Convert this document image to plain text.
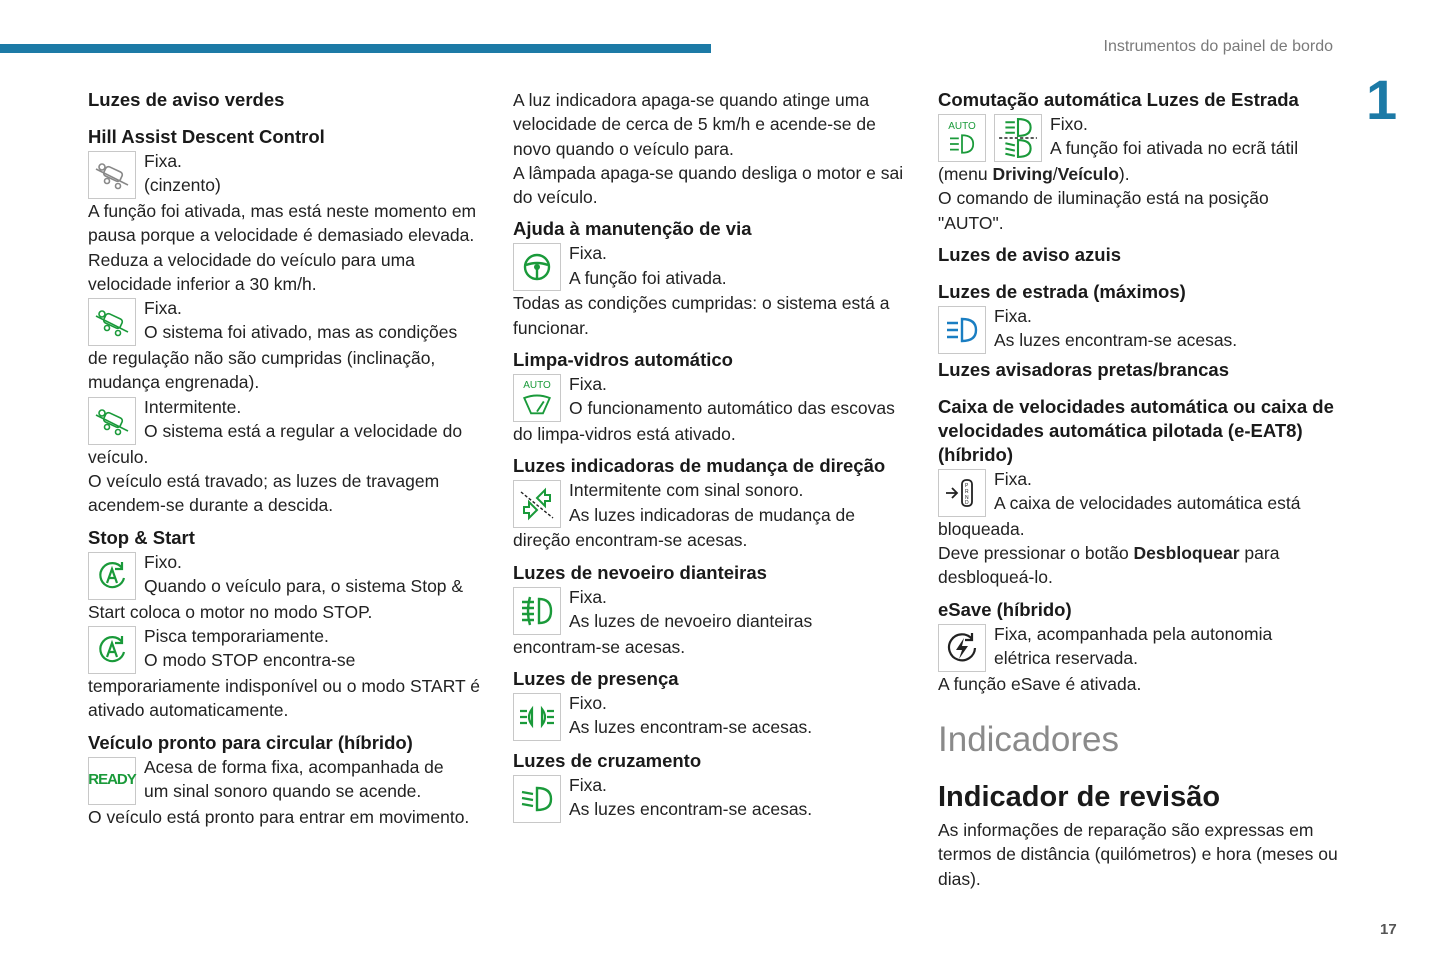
Instrumentos do painel de bordo
1
17
Luzes de aviso verdes
Hill Assist Descent Control
Fixa.
(cinzento)

A função foi ativada, mas está neste momento em pausa porque a velocidade é demasiado elevada.

Reduza a velocidade do veículo para uma velocidade inferior a 30 km/h.

Fixa.
O sistema foi ativado, mas as condições

de regulação não são cumpridas (inclinação, mudança engrenada).

Intermitente.
O sistema está a regular a velocidade do

veículo.

O veículo está travado; as luzes de travagem acendem-se durante a descida.

Stop & Start
Fixo.
Quando o veículo para, o sistema Stop &

Start coloca o motor no modo STOP.

Pisca temporariamente.
O modo STOP encontra-se

temporariamente indisponível ou o modo START é ativado automaticamente.

Veículo pronto para circular (híbrido)
READY
Acesa de forma fixa, acompanhada de
um sinal sonoro quando se acende.

O veículo está pronto para entrar em movimento.

A luz indicadora apaga-se quando atinge uma velocidade de cerca de 5 km/h e acende-se de novo quando o veículo para.

A lâmpada apaga-se quando desliga o motor e sai do veículo.

Ajuda à manutenção de via
Fixa.
A função foi ativada.

Todas as condições cumpridas: o sistema está a funcionar.

Limpa-vidros automático
AUTO	Fixa.
O funcionamento automático das escovas

do limpa-vidros está ativado.

Luzes indicadoras de mudança de direção
Intermitente com sinal sonoro.
As luzes indicadoras de mudança de

direção encontram-se acesas.

Luzes de nevoeiro dianteiras
Fixa.
As luzes de nevoeiro dianteiras

encontram-se acesas.

Luzes de presença
Fixo.
As luzes encontram-se acesas.
Luzes de cruzamento
Fixa.
As luzes encontram-se acesas.
Comutação automática Luzes de Estrada
AUTO	Fixo.
A função foi ativada no ecrã tátil

(menu Driving/Veículo).

O comando de iluminação está na posição "AUTO".

Luzes de aviso azuis
Luzes de estrada (máximos)
Fixa.
As luzes encontram-se acesas.
Luzes avisadoras pretas/brancas
Caixa de velocidades automática ou caixa de velocidades automática pilotada (e-EAT8) (híbrido)
P
R
N
D
Fixa.
A caixa de velocidades automática está

bloqueada.

Deve pressionar o botão Desbloquear para desbloqueá-lo.

eSave (híbrido)
Fixa, acompanhada pela autonomia
elétrica reservada.

A função eSave é ativada.

Indicadores
Indicador de revisão

As informações de reparação são expressas em termos de distância (quilómetros) e hora (meses ou dias).
